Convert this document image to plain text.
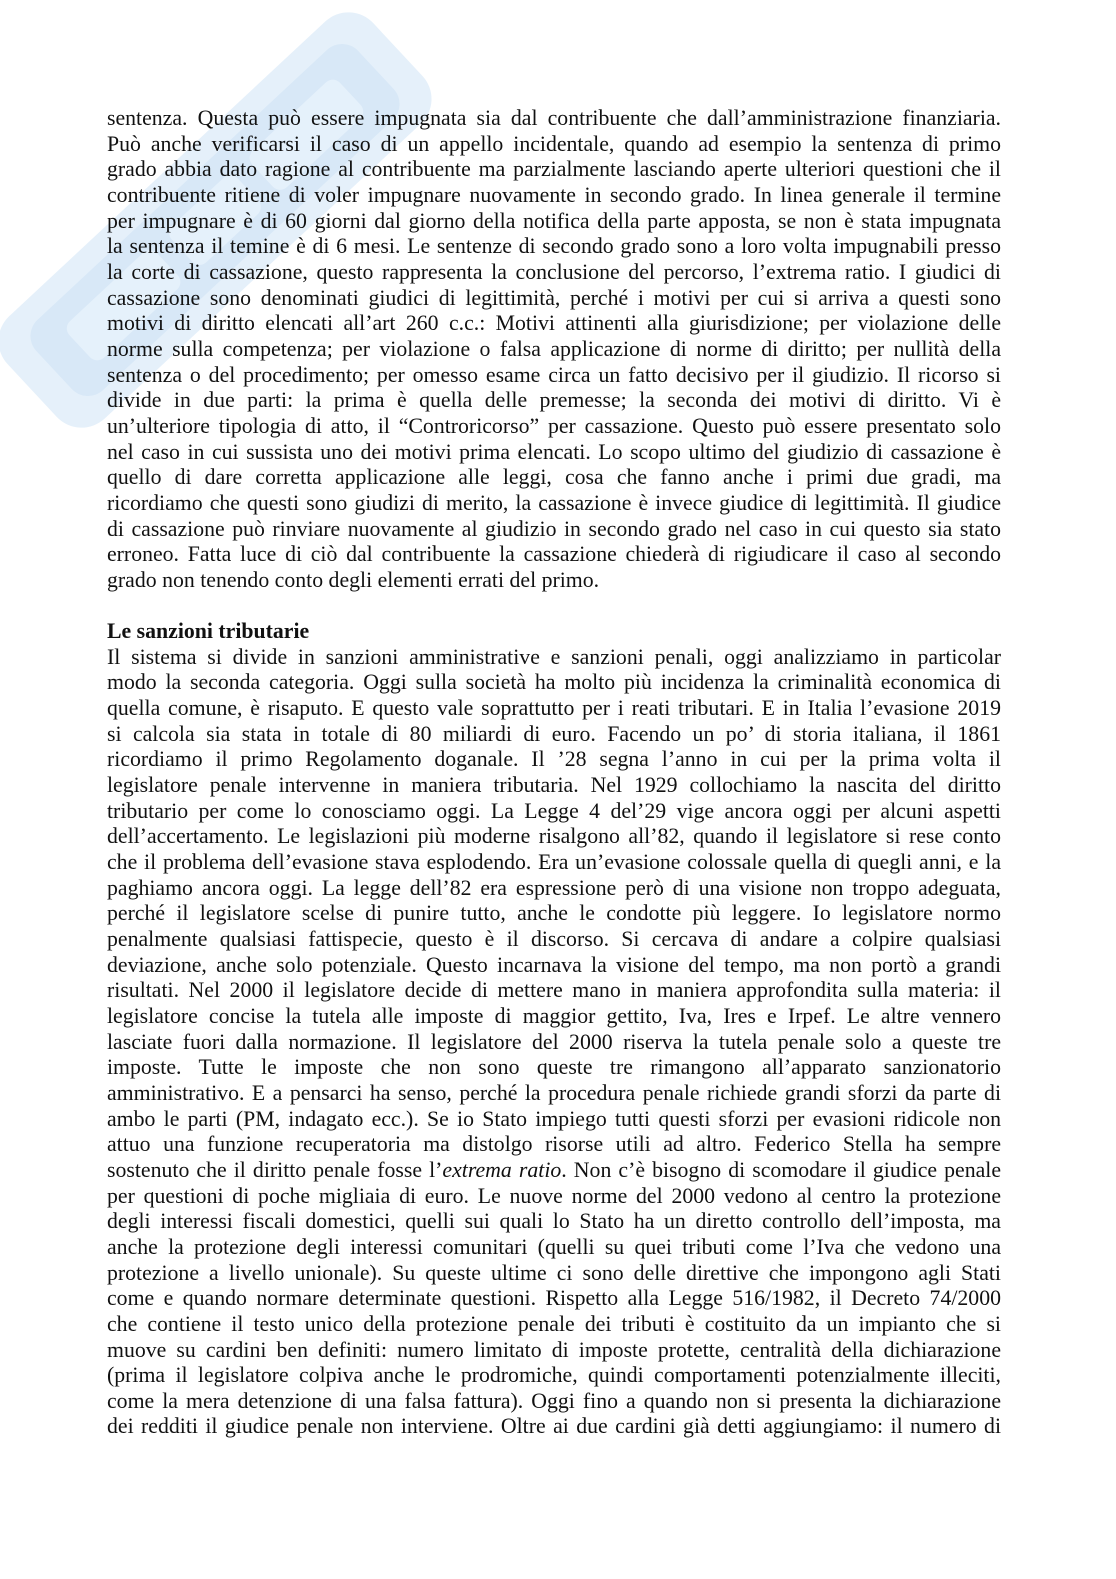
sentenza. Questa può essere impugnata sia dal contribuente che dall’amministrazione finanziaria.
Può anche verificarsi il caso di un appello incidentale, quando ad esempio la sentenza di primo
grado abbia dato ragione al contribuente ma parzialmente lasciando aperte ulteriori questioni che il
contribuente ritiene di voler impugnare nuovamente in secondo grado. In linea generale il termine
per impugnare è di 60 giorni dal giorno della notifica della parte apposta, se non è stata impugnata
la sentenza il temine è di 6 mesi. Le sentenze di secondo grado sono a loro volta impugnabili presso
la corte di cassazione, questo rappresenta la conclusione del percorso, l’extrema ratio. I giudici di
cassazione sono denominati giudici di legittimità, perché i motivi per cui si arriva a questi sono
motivi di diritto elencati all’art 260 c.c.: Motivi attinenti alla giurisdizione; per violazione delle
norme sulla competenza; per violazione o falsa applicazione di norme di diritto; per nullità della
sentenza o del procedimento; per omesso esame circa un fatto decisivo per il giudizio. Il ricorso si
divide in due parti: la prima è quella delle premesse; la seconda dei motivi di diritto. Vi è
un’ulteriore tipologia di atto, il “Controricorso” per cassazione. Questo può essere presentato solo
nel caso in cui sussista uno dei motivi prima elencati. Lo scopo ultimo del giudizio di cassazione è
quello di dare corretta applicazione alle leggi, cosa che fanno anche i primi due gradi, ma
ricordiamo che questi sono giudizi di merito, la cassazione è invece giudice di legittimità. Il giudice
di cassazione può rinviare nuovamente al giudizio in secondo grado nel caso in cui questo sia stato
erroneo. Fatta luce di ciò dal contribuente la cassazione chiederà di rigiudicare il caso al secondo
grado non tenendo conto degli elementi errati del primo.
Le sanzioni tributarie
Il sistema si divide in sanzioni amministrative e sanzioni penali, oggi analizziamo in particolar
modo la seconda categoria. Oggi sulla società ha molto più incidenza la criminalità economica di
quella comune, è risaputo. E questo vale soprattutto per i reati tributari. E in Italia l’evasione 2019
si calcola sia stata in totale di 80 miliardi di euro. Facendo un po’ di storia italiana, il 1861
ricordiamo il primo Regolamento doganale. Il ’28 segna l’anno in cui per la prima volta il
legislatore penale intervenne in maniera tributaria. Nel 1929 collochiamo la nascita del diritto
tributario per come lo conosciamo oggi. La Legge 4 del’29 vige ancora oggi per alcuni aspetti
dell’accertamento. Le legislazioni più moderne risalgono all’82, quando il legislatore si rese conto
che il problema dell’evasione stava esplodendo. Era un’evasione colossale quella di quegli anni, e la
paghiamo ancora oggi. La legge dell’82 era espressione però di una visione non troppo adeguata,
perché il legislatore scelse di punire tutto, anche le condotte più leggere. Io legislatore normo
penalmente qualsiasi fattispecie, questo è il discorso. Si cercava di andare a colpire qualsiasi
deviazione, anche solo potenziale. Questo incarnava la visione del tempo, ma non portò a grandi
risultati. Nel 2000 il legislatore decide di mettere mano in maniera approfondita sulla materia: il
legislatore concise la tutela alle imposte di maggior gettito, Iva, Ires e Irpef. Le altre vennero
lasciate fuori dalla normazione. Il legislatore del 2000 riserva la tutela penale solo a queste tre
imposte. Tutte le imposte che non sono queste tre rimangono all’apparato sanzionatorio
amministrativo. E a pensarci ha senso, perché la procedura penale richiede grandi sforzi da parte di
ambo le parti (PM, indagato ecc.). Se io Stato impiego tutti questi sforzi per evasioni ridicole non
attuo una funzione recuperatoria ma distolgo risorse utili ad altro. Federico Stella ha sempre
sostenuto che il diritto penale fosse l’extrema ratio. Non c’è bisogno di scomodare il giudice penale
per questioni di poche migliaia di euro. Le nuove norme del 2000 vedono al centro la protezione
degli interessi fiscali domestici, quelli sui quali lo Stato ha un diretto controllo dell’imposta, ma
anche la protezione degli interessi comunitari (quelli su quei tributi come l’Iva che vedono una
protezione a livello unionale). Su queste ultime ci sono delle direttive che impongono agli Stati
come e quando normare determinate questioni. Rispetto alla Legge 516/1982, il Decreto 74/2000
che contiene il testo unico della protezione penale dei tributi è costituito da un impianto che si
muove su cardini ben definiti: numero limitato di imposte protette, centralità della dichiarazione
(prima il legislatore colpiva anche le prodromiche, quindi comportamenti potenzialmente illeciti,
come la mera detenzione di una falsa fattura). Oggi fino a quando non si presenta la dichiarazione
dei redditi il giudice penale non interviene. Oltre ai due cardini già detti aggiungiamo: il numero di
